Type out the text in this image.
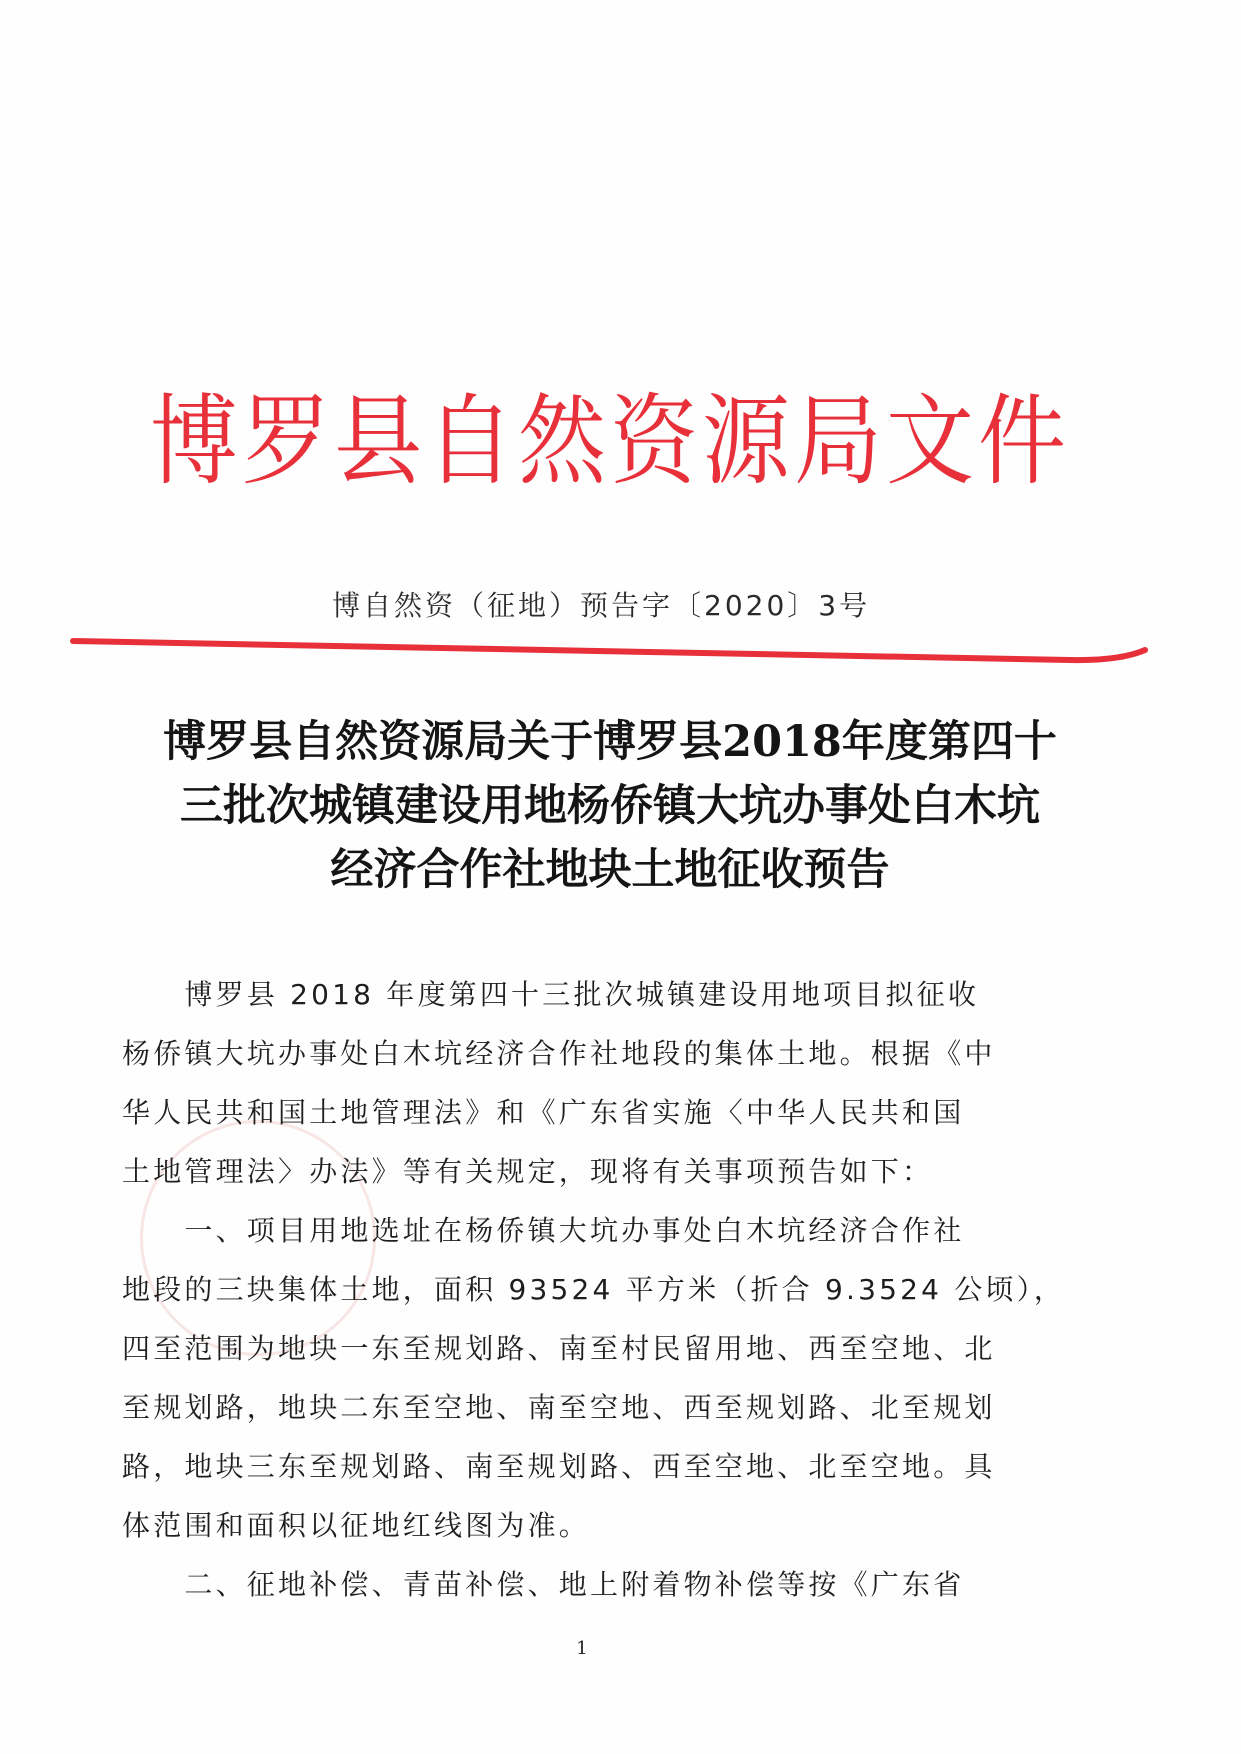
博罗县自然资源局文件
博自然资（征地）预告字〔2020〕3号
博罗县自然资源局关于博罗县2018年度第四十
三批次城镇建设用地杨侨镇大坑办事处白木坑
经济合作社地块土地征收预告
　　博罗县 2018 年度第四十三批次城镇建设用地项目拟征收
杨侨镇大坑办事处白木坑经济合作社地段的集体土地。根据《中
华人民共和国土地管理法》和《广东省实施〈中华人民共和国
土地管理法〉办法》等有关规定，现将有关事项预告如下：
　　一、项目用地选址在杨侨镇大坑办事处白木坑经济合作社
地段的三块集体土地，面积 93524 平方米（折合 9.3524 公顷），
四至范围为地块一东至规划路、南至村民留用地、西至空地、北
至规划路，地块二东至空地、南至空地、西至规划路、北至规划
路，地块三东至规划路、南至规划路、西至空地、北至空地。具
体范围和面积以征地红线图为准。
　　二、征地补偿、青苗补偿、地上附着物补偿等按《广东省
1
